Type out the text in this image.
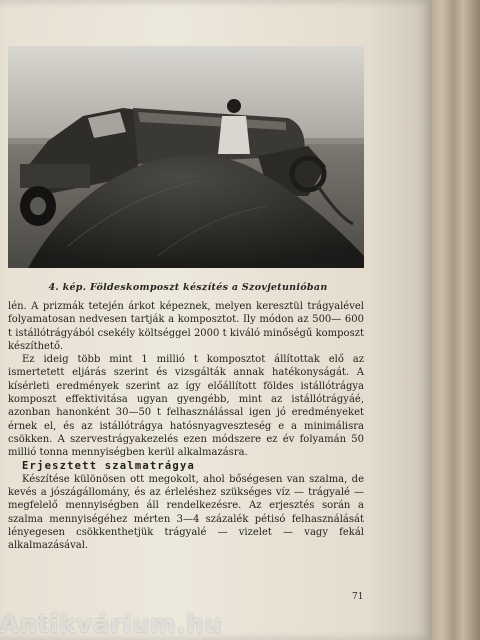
4. kép. Földeskomposzt készítés a Szovjetunióban

lén. A prizmák tetején árkot képeznek, melyen keresztül trágyalével folyamatosan nedvesen tartják a komposztot. Ily módon az 500— 600 t istállótrágyából csekély költséggel 2000 t kiváló minőségű komposzt készíthető.

Ez ideig több mint 1 millió t komposztot állítottak elő az ismertetett eljárás szerint és vizsgálták annak hatékonyságát. A kísérleti eredmények szerint az így előállított földes istállótrágya komposzt effektivitása ugyan gyengébb, mint az istállótrágyáé, azonban hanonként 30—50 t felhasználással igen jó eredményeket érnek el, és az istállótrágya hatósnyagveszteség e a minimálisra csökken. A szervestrágyakezelés ezen módszere ez év folyamán 50 millió tonna mennyiségben kerül alkalmazásra.

Erjesztett szalmatrágya

Készítése különösen ott megokolt, ahol bőségesen van szalma, de kevés a jószágállomány, és az érleléshez szükséges víz — trágyalé — megfelelő mennyiségben áll rendelkezésre. Az erjesztés során a szalma mennyiségéhez mérten 3—4 százalék pétisó felhasználását lényegesen csökkenthetjük trágyalé — vizelet — vagy fekál alkalmazásával.

71
Antikvárium.hu
